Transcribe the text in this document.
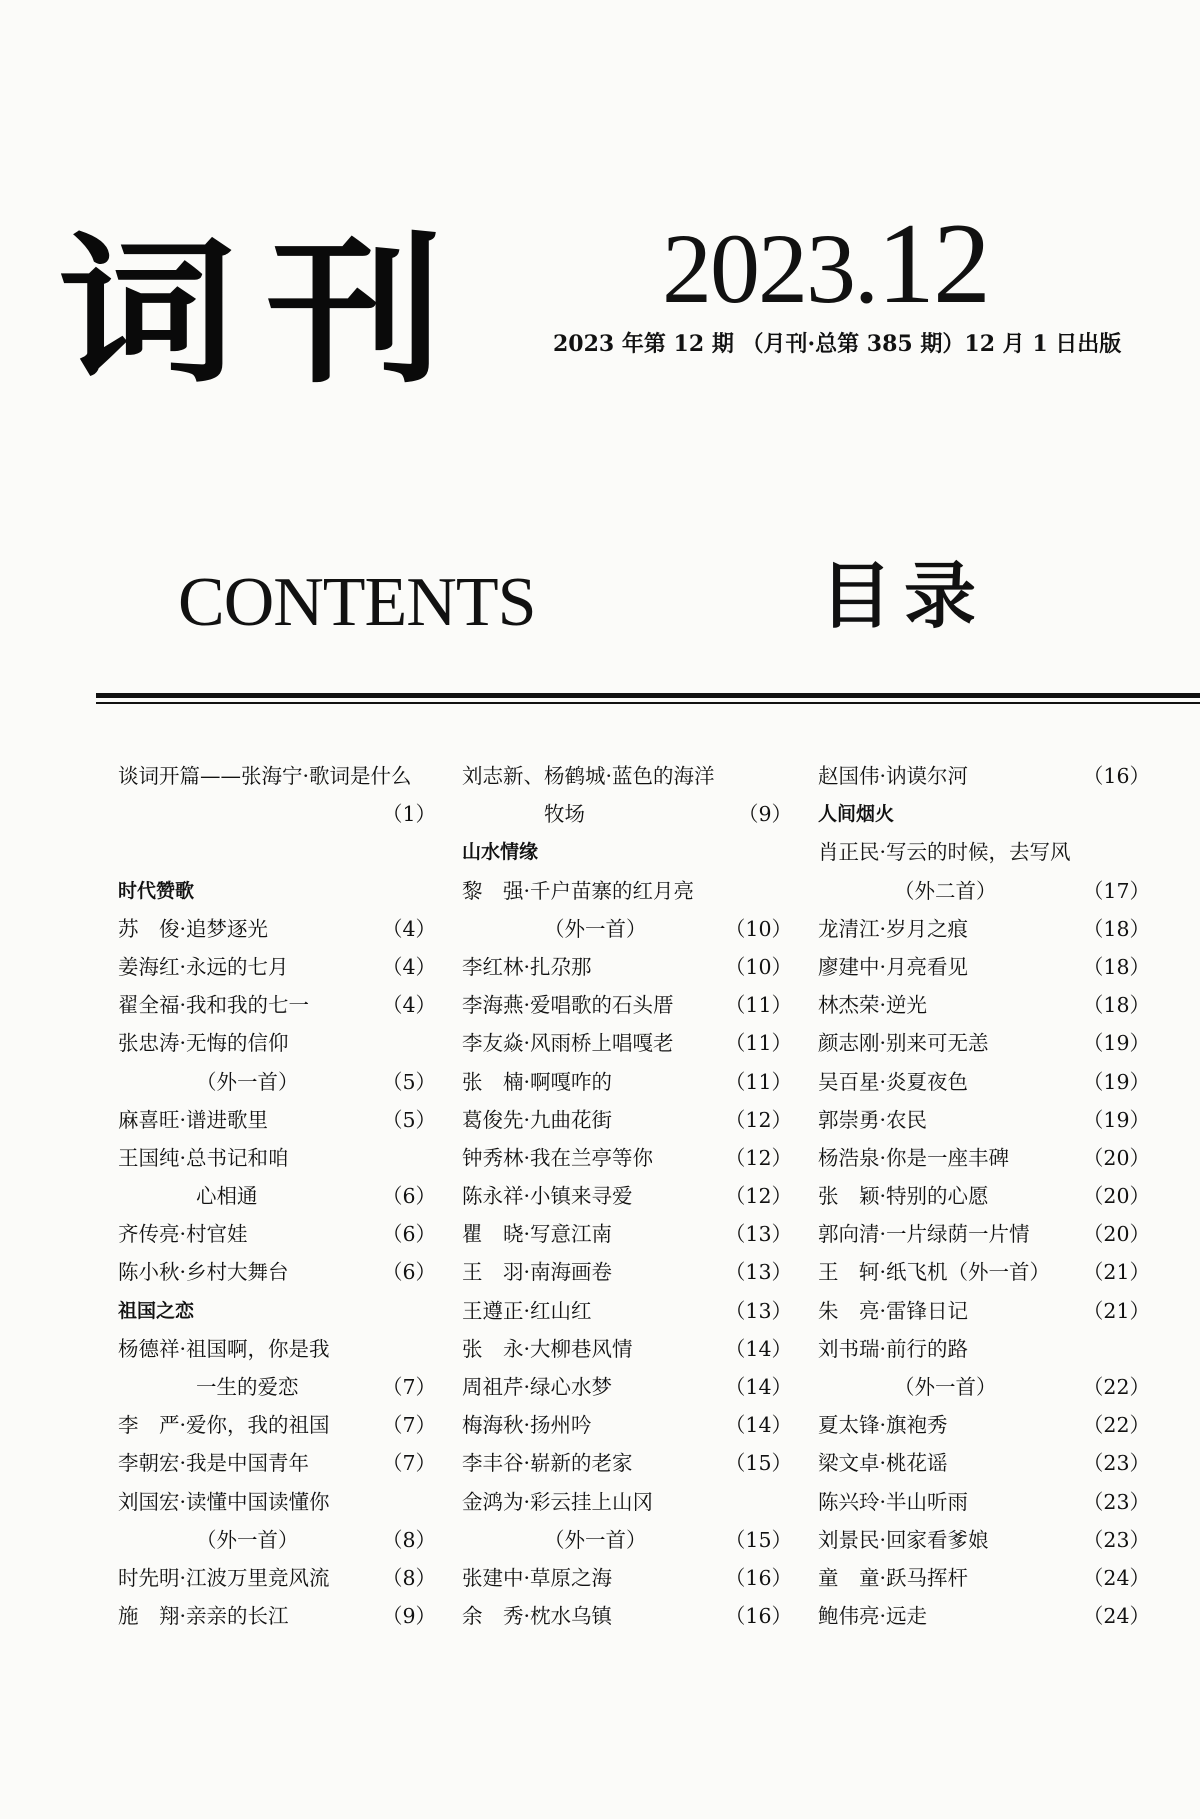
词刊 2023.12
2023 年第 12 期 （月刊·总第 385 期）12 月 1 日出版
CONTENTS	目录
谈词开篇——张海宁·歌词是什么
（1）
时代赞歌
苏　俊·追梦逐光	（4）
姜海红·永远的七月	（4）
翟全福·我和我的七一	（4）
张忠涛·无悔的信仰
（外一首）	（5）
麻喜旺·谱进歌里	（5）
王国纯·总书记和咱
心相通	（6）
齐传亮·村官娃	（6）
陈小秋·乡村大舞台	（6）
祖国之恋
杨德祥·祖国啊，你是我
一生的爱恋	（7）
李　严·爱你，我的祖国	（7）
李朝宏·我是中国青年	（7）
刘国宏·读懂中国读懂你
（外一首）	（8）
时先明·江波万里竞风流	（8）
施　翔·亲亲的长江	（9）
刘志新、杨鹤城·蓝色的海洋
牧场	（9）
山水情缘
黎　强·千户苗寨的红月亮
（外一首）	（10）
李红林·扎尕那	（10）
李海燕·爱唱歌的石头厝	（11）
李友焱·风雨桥上唱嘎老	（11）
张　楠·啊嘎咋的	（11）
葛俊先·九曲花街	（12）
钟秀林·我在兰亭等你	（12）
陈永祥·小镇来寻爱	（12）
瞿　晓·写意江南	（13）
王　羽·南海画卷	（13）
王遵正·红山红	（13）
张　永·大柳巷风情	（14）
周祖芹·绿心水梦	（14）
梅海秋·扬州吟	（14）
李丰谷·崭新的老家	（15）
金鸿为·彩云挂上山冈
（外一首）	（15）
张建中·草原之海	（16）
余　秀·枕水乌镇	（16）
赵国伟·讷谟尔河	（16）
人间烟火
肖正民·写云的时候，去写风
（外二首）	（17）
龙清江·岁月之痕	（18）
廖建中·月亮看见	（18）
林杰荣·逆光	（18）
颜志刚·别来可无恙	（19）
吴百星·炎夏夜色	（19）
郭崇勇·农民	（19）
杨浩泉·你是一座丰碑	（20）
张　颖·特别的心愿	（20）
郭向清·一片绿荫一片情	（20）
王　轲·纸飞机（外一首） （21）
朱　亮·雷锋日记	（21）
刘书瑞·前行的路
（外一首）	（22）
夏太锋·旗袍秀	（22）
梁文卓·桃花谣	（23）
陈兴玲·半山听雨	（23）
刘景民·回家看爹娘	（23）
童　童·跃马挥杆	（24）
鲍伟亮·远走	（24）
